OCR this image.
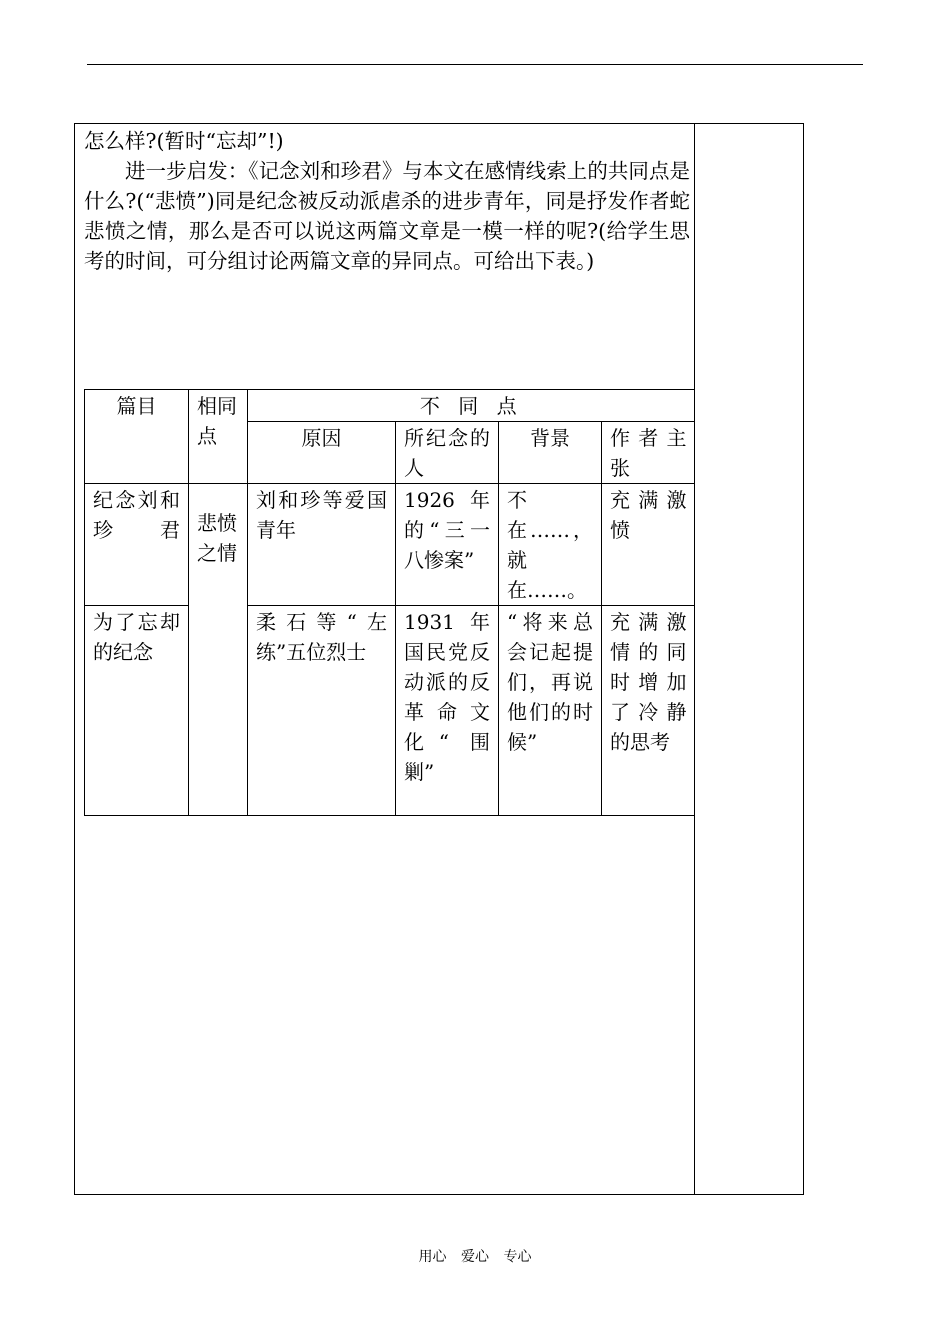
怎么样?(暂时“忘却”!)

进一步启发：《记念刘和珍君》与本文在感情线索上的共同点是什么?(“悲愤”)同是纪念被反动派虐杀的进步青年，同是抒发作者蛇悲愤之情，那么是否可以说这两篇文章是一模一样的呢?(给学生思考的时间，可分组讨论两篇文章的异同点。可给出下表。)

篇目	相同点	不 同 点			
		原因	所纪念的人	背景	作者主张
纪念刘和珍君	悲愤之情	刘和珍等爱国青年	1926 年的“三一八惨案”	不在……，就在……。	充满激愤
为了忘却的纪念		柔石等“左练”五位烈士	1931 年国民党反动派的反革命文化“ 围剿”	“将来总会记起提们，再说他们的时候”	充满激情的同时增加了冷静的思考
用心 爱心 专心
